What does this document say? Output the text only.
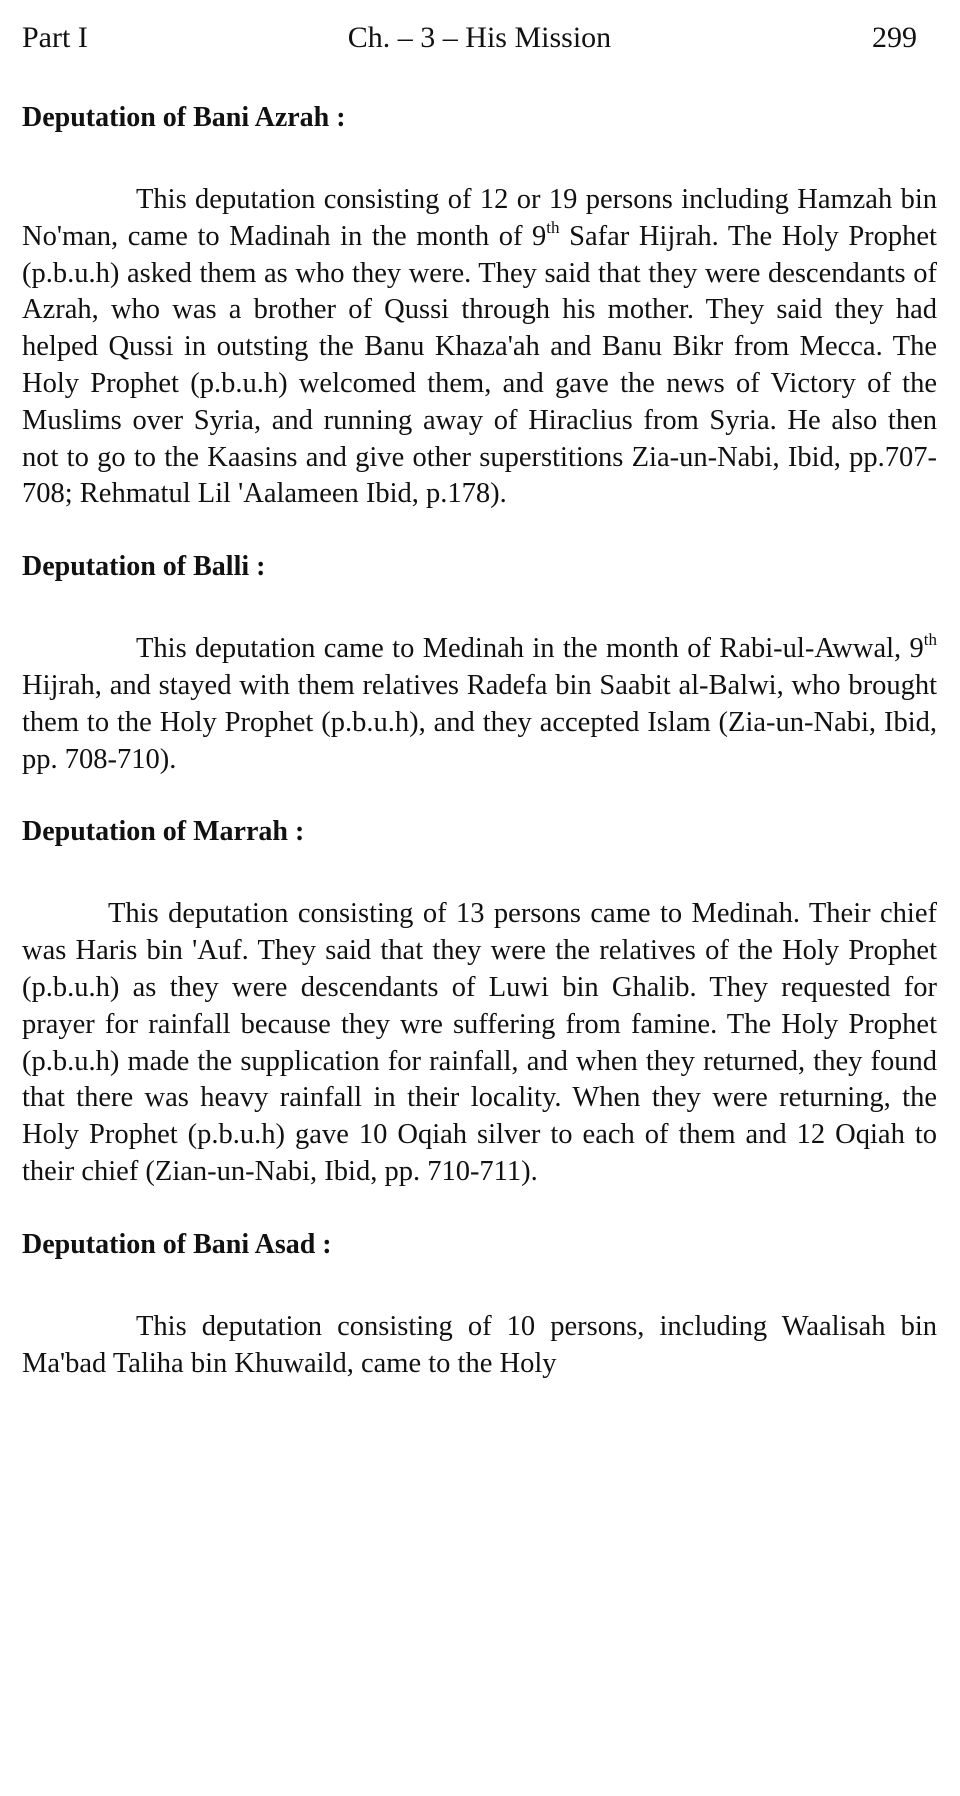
Part I	Ch. – 3 – His Mission	299

Deputation of Bani Azrah :

This deputation consisting of 12 or 19 persons including Hamzah bin No'man, came to Madinah in the month of 9th Safar Hijrah. The Holy Prophet (p.b.u.h) asked them as who they were. They said that they were descendants of Azrah, who was a brother of Qussi through his mother. They said they had helped Qussi in outsting the Banu Khaza'ah and Banu Bikr from Mecca. The Holy Prophet (p.b.u.h) welcomed them, and gave the news of Victory of the Muslims over Syria, and running away of Hiraclius from Syria. He also then not to go to the Kaasins and give other superstitions Zia-un-Nabi, Ibid, pp.707-708; Rehmatul Lil 'Aalameen Ibid, p.178).

Deputation of Balli :

This deputation came to Medinah in the month of Rabi-ul-Awwal, 9th Hijrah, and stayed with them relatives Radefa bin Saabit al-Balwi, who brought them to the Holy Prophet (p.b.u.h), and they accepted Islam (Zia-un-Nabi, Ibid, pp. 708-710).

Deputation of Marrah :

This deputation consisting of 13 persons came to Medinah. Their chief was Haris bin 'Auf. They said that they were the relatives of the Holy Prophet (p.b.u.h) as they were descendants of Luwi bin Ghalib. They requested for prayer for rainfall because they wre suffering from famine. The Holy Prophet (p.b.u.h) made the supplication for rainfall, and when they returned, they found that there was heavy rainfall in their locality. When they were returning, the Holy Prophet (p.b.u.h) gave 10 Oqiah silver to each of them and 12 Oqiah to their chief (Zian-un-Nabi, Ibid, pp. 710-711).

Deputation of Bani Asad :

This deputation consisting of 10 persons, including Waalisah bin Ma'bad Taliha bin Khuwaild, came to the Holy
